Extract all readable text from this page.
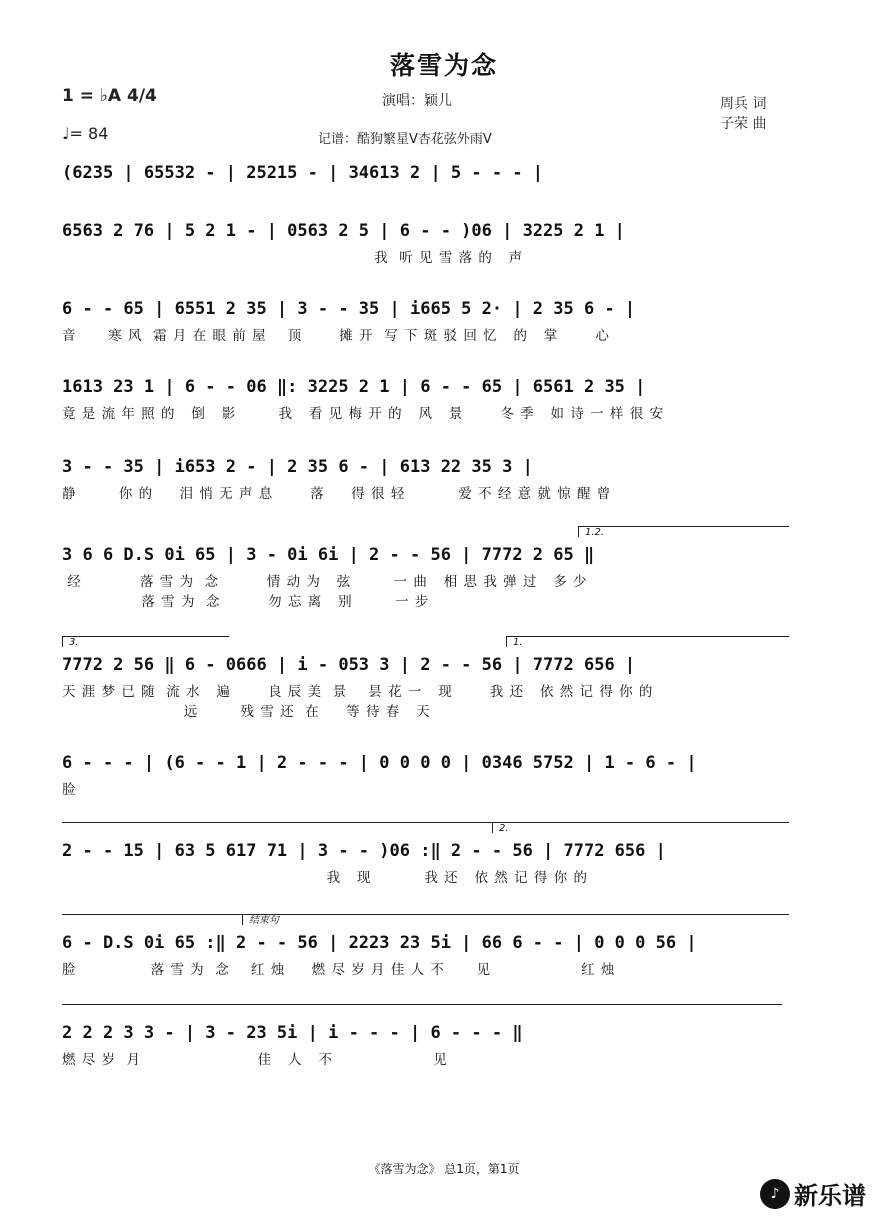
落雪为念
1 = ♭A 4/4
♩= 84
演唱：颖儿
记谱：酷狗繁星V杏花弦外雨V
周兵 词
子荣 曲
(6235 | 65532 - | 25215 - | 34613 2 | 5 - - - |
6563 2 76 | 5 2 1 - | 0563 2 5 | 6 - - )06 | 3225 2 1 |
我  听 见 雪 落 的   声
6 - - 65 | 6551 2 35 | 3 - - 35 | i665 5 2· | 2 35 6 - |
音      寒 风  霜 月 在 眼 前 屋    顶       摊 开  写 下 斑 驳 回 忆   的   掌       心
1613 23 1 | 6 - - 06 ‖: 3225 2 1 | 6 - - 65 | 6561 2 35 |
竟 是 流 年 照 的   倒   影        我   看 见 梅 开 的   风   景       冬 季   如 诗 一 样 很 安
3 - - 35 | i653 2 - | 2 35 6 - | 613 22 35 3 |
静        你 的     泪 悄 无 声 息       落     得 很 轻          爱 不 经 意 就 惊 醒 曾
1.2.
3 6 6 D.S 0i 65 | 3 - 0i 6i | 2 - - 56 | 7772 2 65 ‖
经           落 雪 为  念         情 动 为   弦        一 曲   相 思 我 弹 过   多 少
落 雪 为  念         勿 忘 离   别        一 步
3.	1.
7772 2 56 ‖ 6 - 0666 | i - 053 3 | 2 - - 56 | 7772 656 |
天 涯 梦 已 随  流 水   遍       良 辰 美  景    昙 花 一   现       我 还   依 然 记 得 你 的
远        残 雪 还  在     等 待 春   天
6 - - - | (6 - - 1 | 2 - - - | 0 0 0 0 | 0346 5752 | 1 - 6 - |
脸
2.
2 - - 15 | 63 5 617 71 | 3 - - )06 :‖ 2 - - 56 | 7772 656 |
我   现          我 还   依 然 记 得 你 的
结束句
6 - D.S 0i 65 :‖ 2 - - 56 | 2223 23 5i | 66 6 - - | 0 0 0 56 |
脸              落 雪 为  念    红 烛     燃 尽 岁 月 佳 人 不      见                 红 烛
2 2 2 3 3 - | 3 - 23 5i | i - - - | 6 - - - ‖
燃 尽 岁  月                      佳   人   不                   见
《落雪为念》 总1页，第1页
♪ 新乐谱
